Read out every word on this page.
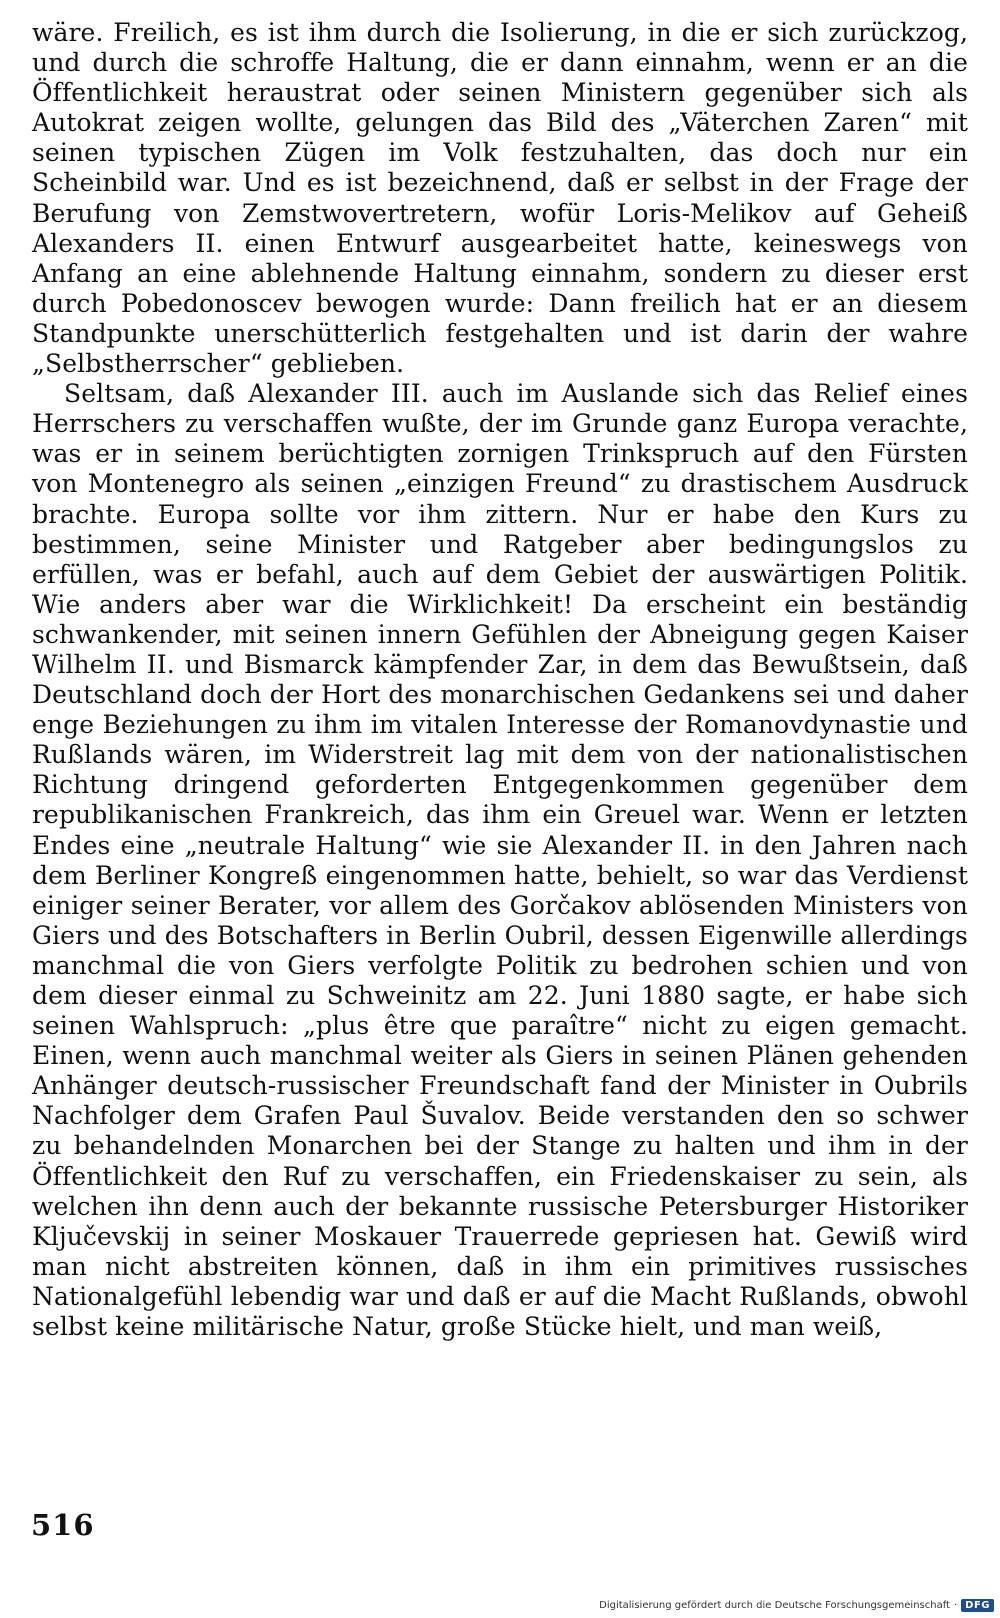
wäre. Freilich, es ist ihm durch die Isolierung, in die er sich zurückzog, und durch die schroffe Haltung, die er dann einnahm, wenn er an die Öffentlichkeit heraustrat oder seinen Ministern gegenüber sich als Autokrat zeigen wollte, gelungen das Bild des „Väterchen Zaren“ mit seinen typischen Zügen im Volk festzuhalten, das doch nur ein Scheinbild war. Und es ist bezeichnend, daß er selbst in der Frage der Berufung von Zemstwovertretern, wofür Loris-Melikov auf Geheiß Alexanders II. einen Entwurf ausgearbeitet hatte, keineswegs von Anfang an eine ablehnende Haltung einnahm, sondern zu dieser erst durch Pobedonoscev bewogen wurde: Dann freilich hat er an diesem Standpunkte unerschütterlich festgehalten und ist darin der wahre „Selbstherrscher“ geblieben.

Seltsam, daß Alexander III. auch im Auslande sich das Relief eines Herrschers zu verschaffen wußte, der im Grunde ganz Europa verachte, was er in seinem berüchtigten zornigen Trinkspruch auf den Fürsten von Montenegro als seinen „einzigen Freund“ zu drastischem Ausdruck brachte. Europa sollte vor ihm zittern. Nur er habe den Kurs zu bestimmen, seine Minister und Ratgeber aber bedingungslos zu erfüllen, was er befahl, auch auf dem Gebiet der auswärtigen Politik. Wie anders aber war die Wirklichkeit! Da erscheint ein beständig schwankender, mit seinen innern Gefühlen der Abneigung gegen Kaiser Wilhelm II. und Bismarck kämpfender Zar, in dem das Bewußtsein, daß Deutschland doch der Hort des monarchischen Gedankens sei und daher enge Beziehungen zu ihm im vitalen Interesse der Romanovdynastie und Rußlands wären, im Widerstreit lag mit dem von der nationalistischen Richtung dringend geforderten Entgegenkommen gegenüber dem republikanischen Frankreich, das ihm ein Greuel war. Wenn er letzten Endes eine „neutrale Haltung“ wie sie Alexander II. in den Jahren nach dem Berliner Kongreß eingenommen hatte, behielt, so war das Verdienst einiger seiner Berater, vor allem des Gorčakov ablösenden Ministers von Giers und des Botschafters in Berlin Oubril, dessen Eigenwille allerdings manchmal die von Giers verfolgte Politik zu bedrohen schien und von dem dieser einmal zu Schweinitz am 22. Juni 1880 sagte, er habe sich seinen Wahlspruch: „plus être que paraître“ nicht zu eigen gemacht. Einen, wenn auch manchmal weiter als Giers in seinen Plänen gehenden Anhänger deutsch-russischer Freundschaft fand der Minister in Oubrils Nachfolger dem Grafen Paul Šuvalov. Beide verstanden den so schwer zu behandelnden Monarchen bei der Stange zu halten und ihm in der Öffentlichkeit den Ruf zu verschaffen, ein Friedenskaiser zu sein, als welchen ihn denn auch der bekannte russische Petersburger Historiker Ključevskij in seiner Moskauer Trauerrede gepriesen hat. Gewiß wird man nicht abstreiten können, daß in ihm ein primitives russisches Nationalgefühl lebendig war und daß er auf die Macht Rußlands, obwohl selbst keine militärische Natur, große Stücke hielt, und man weiß,

516
Digitalisierung gefördert durch die Deutsche Forschungsgemeinschaft · DFG
